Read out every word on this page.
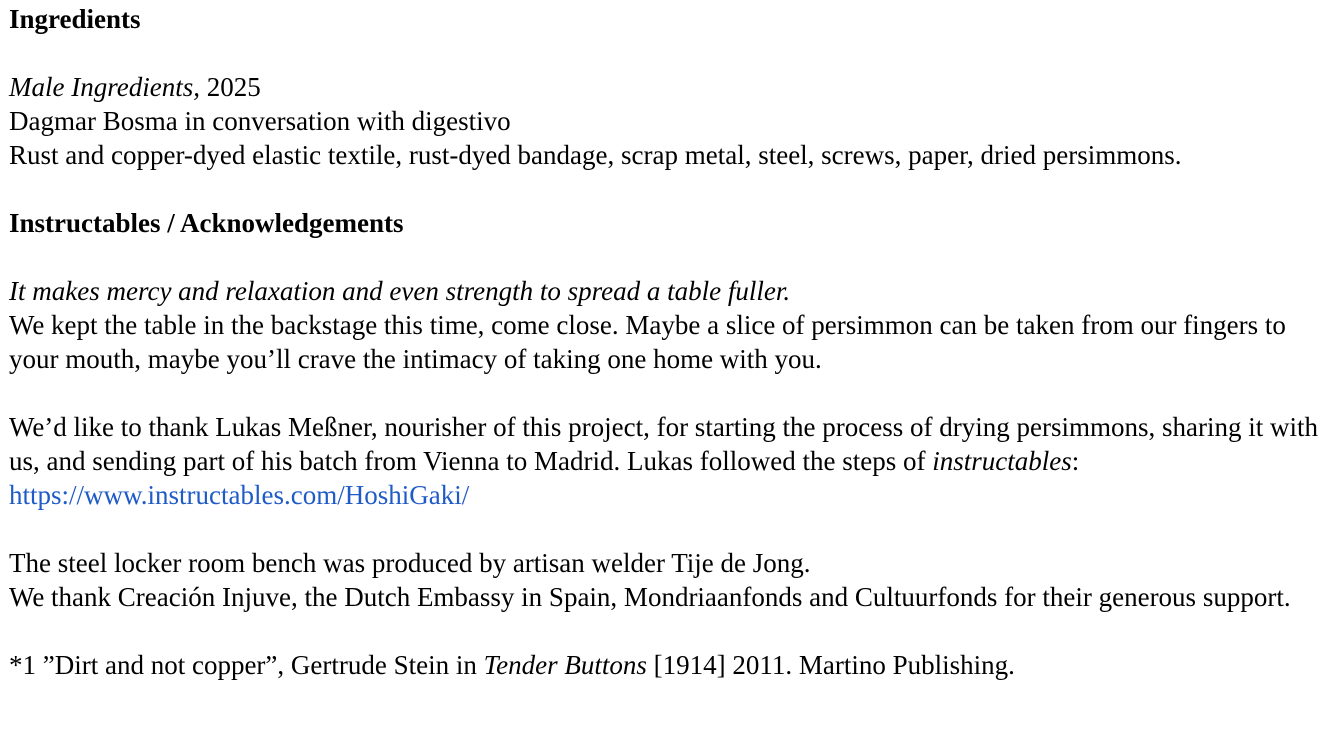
Ingredients
Male Ingredients, 2025
Dagmar Bosma in conversation with digestivo
Rust and copper-dyed elastic textile, rust-dyed bandage, scrap metal, steel, screws, paper, dried persimmons.
Instructables / Acknowledgements
It makes mercy and relaxation and even strength to spread a table fuller.
We kept the table in the backstage this time, come close. Maybe a slice of persimmon can be taken from our fingers to your mouth, maybe you’ll crave the intimacy of taking one home with you.
We’d like to thank Lukas Meßner, nourisher of this project, for starting the process of drying persimmons, sharing it with us, and sending part of his batch from Vienna to Madrid. Lukas followed the steps of instructables: https://www.instructables.com/HoshiGaki/
The steel locker room bench was produced by artisan welder Tije de Jong.
We thank Creación Injuve, the Dutch Embassy in Spain, Mondriaanfonds and Cultuurfonds for their generous support.
*1 ”Dirt and not copper”, Gertrude Stein in Tender Buttons [1914] 2011. Martino Publishing.
